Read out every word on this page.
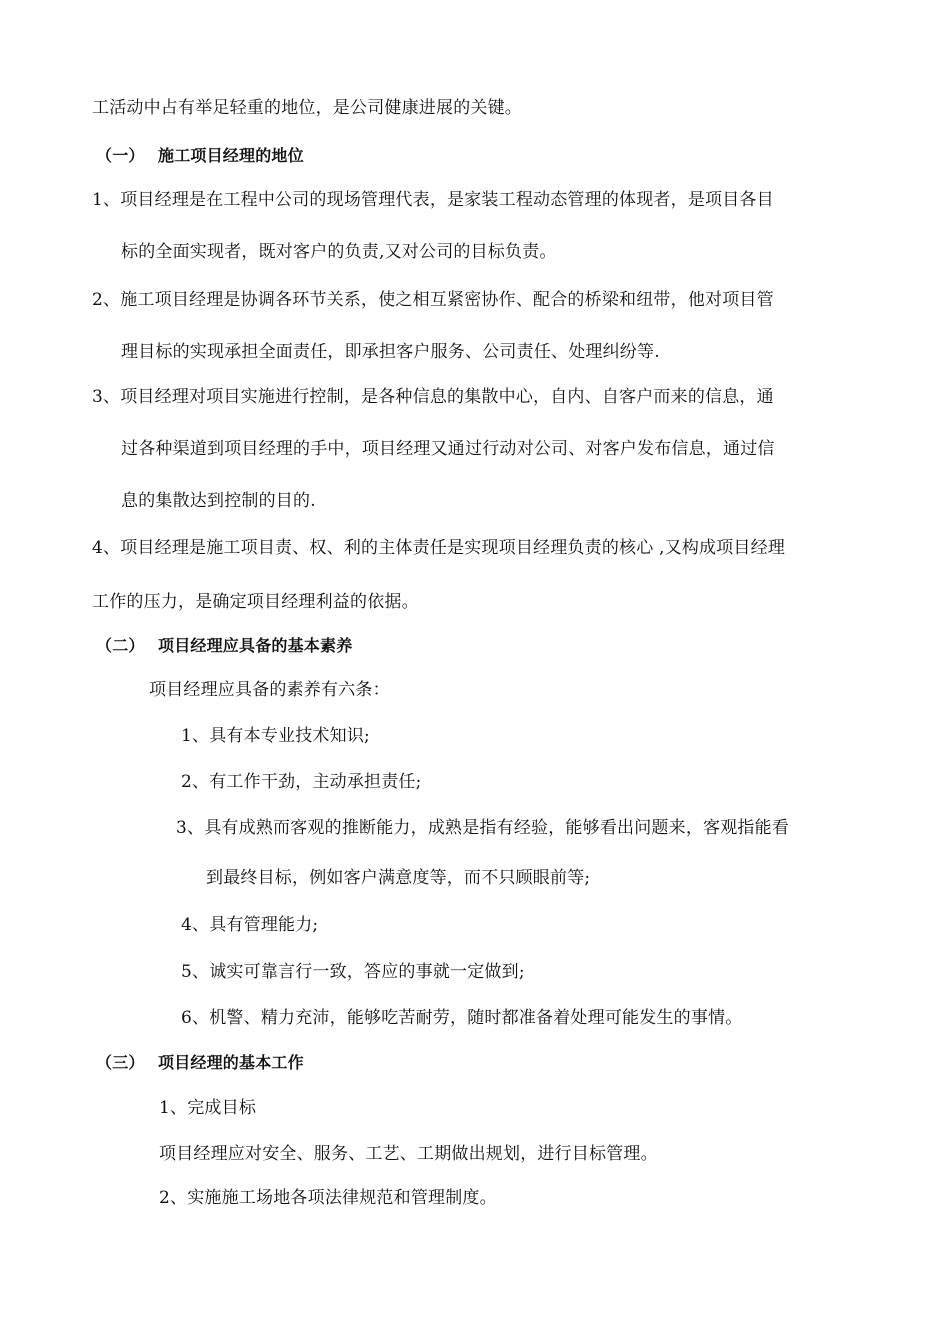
工活动中占有举足轻重的地位，是公司健康进展的关键。
（一） 施工项目经理的地位
1、项目经理是在工程中公司的现场管理代表，是家装工程动态管理的体现者，是项目各目
标的全面实现者，既对客户的负责,又对公司的目标负责。
2、施工项目经理是协调各环节关系，使之相互紧密协作、配合的桥梁和纽带，他对项目管
理目标的实现承担全面责任，即承担客户服务、公司责任、处理纠纷等.
3、项目经理对项目实施进行控制，是各种信息的集散中心，自内、自客户而来的信息，通
过各种渠道到项目经理的手中，项目经理又通过行动对公司、对客户发布信息，通过信
息的集散达到控制的目的.
4、项目经理是施工项目责、权、利的主体责任是实现项目经理负责的核心 ,又构成项目经理
工作的压力，是确定项目经理利益的依据。
（二） 项目经理应具备的基本素养
项目经理应具备的素养有六条：
1、具有本专业技术知识;
2、有工作干劲，主动承担责任;
3、具有成熟而客观的推断能力，成熟是指有经验，能够看出问题来，客观指能看
到最终目标，例如客户满意度等，而不只顾眼前等;
4、具有管理能力;
5、诚实可靠言行一致，答应的事就一定做到;
6、机警、精力充沛，能够吃苦耐劳，随时都准备着处理可能发生的事情。
（三） 项目经理的基本工作
1、完成目标
项目经理应对安全、服务、工艺、工期做出规划，进行目标管理。
2、实施施工场地各项法律规范和管理制度。
